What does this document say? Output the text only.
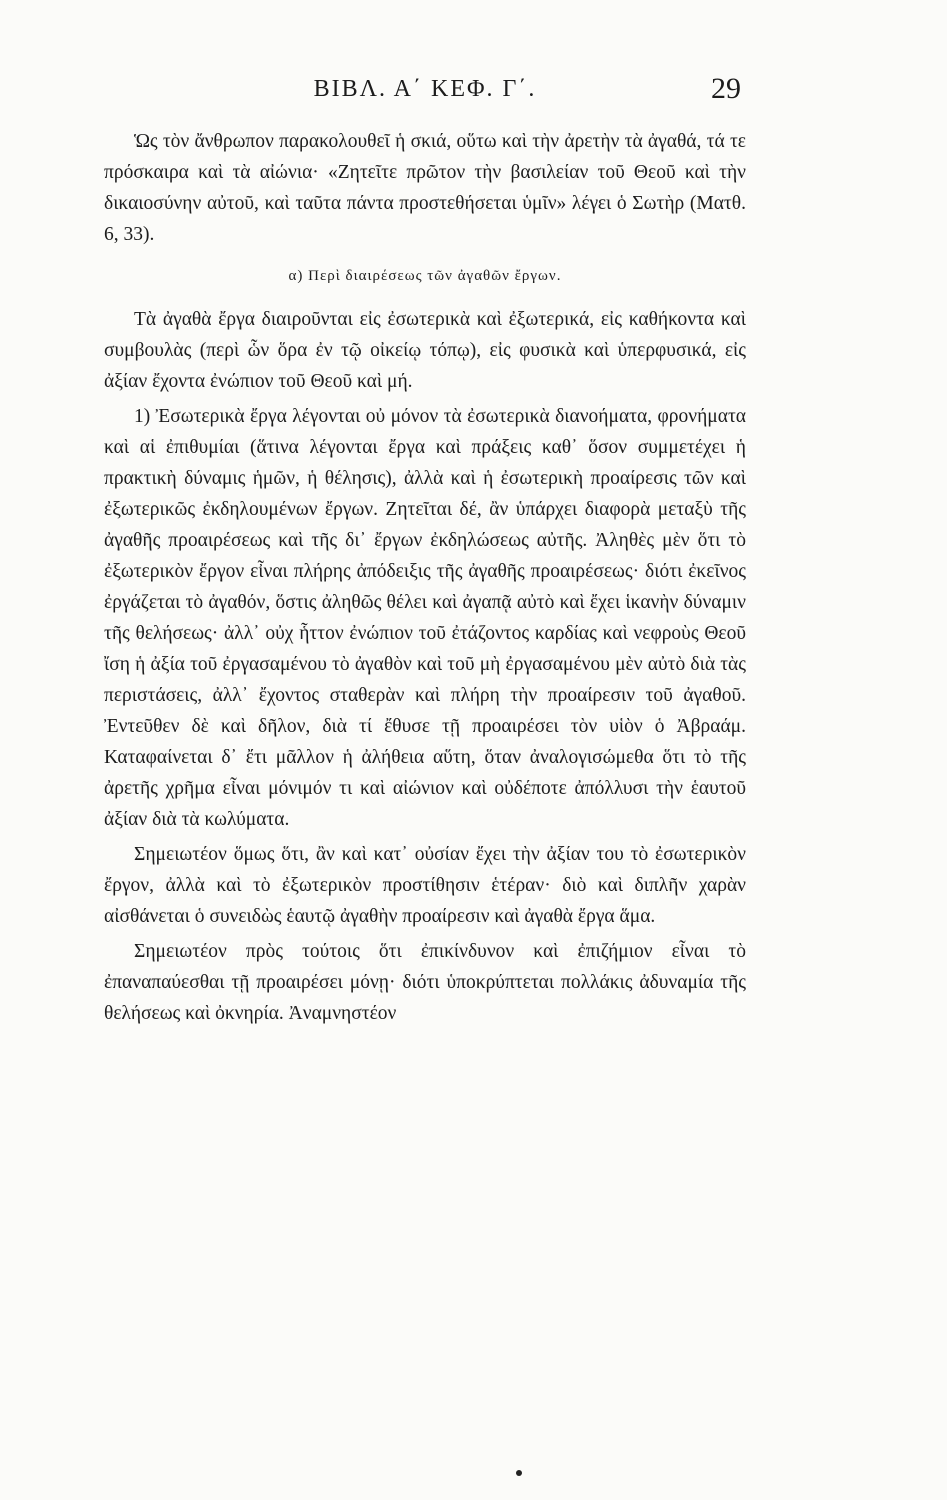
ΒΙΒΛ. Α΄ ΚΕΦ. Γ΄.	29

Ὡς τὸν ἄνθρωπον παρακολουθεῖ ἡ σκιά, οὕτω καὶ τὴν ἀρετὴν τὰ ἀγαθά, τά τε πρόσκαιρα καὶ τὰ αἰώνια· «Ζητεῖτε πρῶτον τὴν βασιλείαν τοῦ Θεοῦ καὶ τὴν δικαιοσύνην αὐτοῦ, καὶ ταῦτα πάντα προστεθήσεται ὑμῖν» λέγει ὁ Σωτὴρ (Ματθ. 6, 33).

α) Περὶ διαιρέσεως τῶν ἀγαθῶν ἔργων.

Τὰ ἀγαθὰ ἔργα διαιροῦνται εἰς ἐσωτερικὰ καὶ ἐξωτερικά, εἰς καθήκοντα καὶ συμβουλὰς (περὶ ὧν ὅρα ἐν τῷ οἰκείῳ τόπῳ), εἰς φυσικὰ καὶ ὑπερφυσικά, εἰς ἀξίαν ἔχοντα ἐνώπιον τοῦ Θεοῦ καὶ μή.

1) Ἐσωτερικὰ ἔργα λέγονται οὐ μόνον τὰ ἐσωτερικὰ διανοήματα, φρονήματα καὶ αἱ ἐπιθυμίαι (ἅτινα λέγονται ἔργα καὶ πράξεις καθ᾽ ὅσον συμμετέχει ἡ πρακτικὴ δύναμις ἡμῶν, ἡ θέλησις), ἀλλὰ καὶ ἡ ἐσωτερικὴ προαίρεσις τῶν καὶ ἐξωτερικῶς ἐκδηλουμένων ἔργων. Ζητεῖται δέ, ἂν ὑπάρχει διαφορὰ μεταξὺ τῆς ἀγαθῆς προαιρέσεως καὶ τῆς δι᾽ ἔργων ἐκδηλώσεως αὐτῆς. Ἀληθὲς μὲν ὅτι τὸ ἐξωτερικὸν ἔργον εἶναι πλήρης ἀπόδειξις τῆς ἀγαθῆς προαιρέσεως· διότι ἐκεῖνος ἐργάζεται τὸ ἀγαθόν, ὅστις ἀληθῶς θέλει καὶ ἀγαπᾷ αὐτὸ καὶ ἔχει ἱκανὴν δύναμιν τῆς θελήσεως· ἀλλ᾽ οὐχ ἧττον ἐνώπιον τοῦ ἐτάζοντος καρδίας καὶ νεφροὺς Θεοῦ ἴση ἡ ἀξία τοῦ ἐργασαμένου τὸ ἀγαθὸν καὶ τοῦ μὴ ἐργασαμένου μὲν αὐτὸ διὰ τὰς περιστάσεις, ἀλλ᾽ ἔχοντος σταθερὰν καὶ πλήρη τὴν προαίρεσιν τοῦ ἀγαθοῦ. Ἐντεῦθεν δὲ καὶ δῆλον, διὰ τί ἔθυσε τῇ προαιρέσει τὸν υἱὸν ὁ Ἀβραάμ. Καταφαίνεται δ᾽ ἔτι μᾶλλον ἡ ἀλήθεια αὕτη, ὅταν ἀναλογισώμεθα ὅτι τὸ τῆς ἀρετῆς χρῆμα εἶναι μόνιμόν τι καὶ αἰώνιον καὶ οὐδέποτε ἀπόλλυσι τὴν ἑαυτοῦ ἀξίαν διὰ τὰ κωλύματα.

Σημειωτέον ὅμως ὅτι, ἂν καὶ κατ᾽ οὐσίαν ἔχει τὴν ἀξίαν του τὸ ἐσωτερικὸν ἔργον, ἀλλὰ καὶ τὸ ἐξωτερικὸν προστίθησιν ἑτέραν· διὸ καὶ διπλῆν χαρὰν αἰσθάνεται ὁ συνειδὼς ἑαυτῷ ἀγαθὴν προαίρεσιν καὶ ἀγαθὰ ἔργα ἅμα.

Σημειωτέον πρὸς τούτοις ὅτι ἐπικίνδυνον καὶ ἐπιζήμιον εἶναι τὸ ἐπαναπαύεσθαι τῇ προαιρέσει μόνῃ· διότι ὑποκρύπτεται πολλάκις ἀδυναμία τῆς θελήσεως καὶ ὀκνηρία. Ἀναμνηστέον
